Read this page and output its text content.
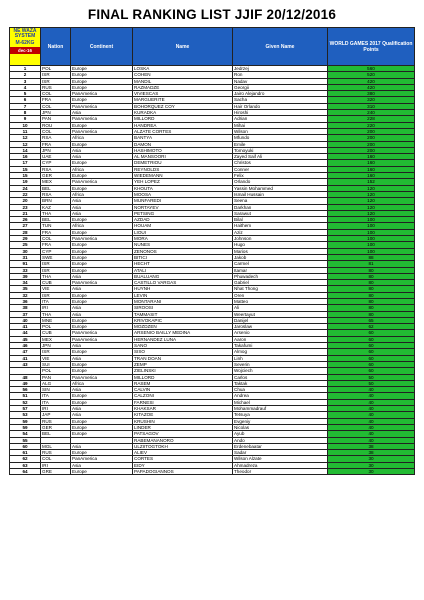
FINAL RANKING LIST JJIF 20/12/2016
NE WAZA SYSTEM
M-62KG
dec-16	Nation	Continent	Name	Given Name	WORLD GAMES 2017 Qualification Points
1	POL	Europe	LOSKA	Jedrzej	560
2	ISR	Europe	COHEN	Ron	520
3	ISR	Europe	MANDIL	Nadav	420
4	RUS	Europe	RAZMADZE	Georgii	420
5	COL	PanAmerica	VIVIESCAS	Jairo Alejandro	380
6	FRA	Europe	MARGUERITE	Sacha	320
7	COL	PanAmerica	BOHORQUEZ COY	Hair Orlando	310
8	JPN	Asia	KURADKA	Hiroshi	240
9	PAN	PanAmerica	MILLORD	Adrian	228
10	ROU	Europe	HANDREA	Mihai	220
11	COL	PanAmerica	ALZATE CORTES	Wilson	200
12	RSA	Africa	BANTYA	Mfundo	200
12	FRA	Europe	DAMON	Emile	200
14	JPN	Asia	HASHIMOTO	Tomoyuki	200
16	UAE	Asia	AL MANSOORI	Zayed Saif Ali	160
17	CYP	Europe	DEMETRIOU	Christos	160
15	RSA	Africa	REYNOLDS	Conner	160
15	GER	Europe	WIEDEMANN	Felix	160
19	MEX	PanAmerica	YEH LOPEZ	Orlando	152
24	BEL	Europe	KHOUTA	Yassin Mohammed	120
22	RSA	Africa	MOOSA	Ismail Hussain	120
20	BRN	Asia	MUNFAREDI	Seena	120
23	KAZ	Asia	NORTAYEV	Darkhan	120
21	THA	Asia	PETSING	Sarawut	120
26	BEL	Europe	AZDAD	Bilal	100
27	TUN	Africa	HOUAM	Haithem	100
28	FRA	Europe	LIOUI	Aziz	100
29	COL	PanAmerica	MORA	Johnson	100
25	FRA	Europe	NUNES	Hugo	100
30	CYP	Europe	ZENONOS	Marios	100
31	SWE	Europe	BITICI	Jakob	88
91	ISR	Europe	HECHT	Carmel	81
33	ISR	Europe	ATALI	Itamar	80
39	THA	Asia	BUALUANG	Phuwadech	80
34	CUB	PanAmerica	CASTILLO VARGAS	Gabriel	80
35	VIE	Asia	HUYNH	Nhat Thong	80
32	ISR	Europe	LEVIN	Oren	80
36	ITA	Europe	MONTARANI	Matteo	80
38	IRI	Asia	SIROOSI	Ali	80
37	THA	Asia	TAMMASIT	Weertayut	80
40	MNE	Europe	KRIVOKAPIC	Danijel	65
41	POL	Europe	MOZDZEN	Jaroslaw	62
44	CUB	PanAmerica	ARSENIO BAILLY MEDINA	Arsenio	60
45	MEX	PanAmerica	HERNANDEZ LUNA	Aaron	60
46	JPN	Asia	SANO	Takafumi	60
47	ISR	Europe	SISO	Almog	60
41	VIE	Asia	TRAN DOAN	Linh	60
43	SUI	Europe	ZEMP	Severin	60
	POL	Europe	ZIELINSKI	Wojciech	60
48	PAN	PanAmerica	MILLORD	Carlos	50
49	ALG	Africa	RASEM	Taktak	50
56	SIN	Asia	CALVIN	Chua	40
51	ITA	Europe	CALZONI	Andrea	40
52	ITA	Europe	FARNESI	Michael	40
57	IRI	Asia	KHAKSAR	Mohammadrauf	40
53	JAP	Asia	KITAZOE	Tetsuya	40
59	RUS	Europe	KRUSHIN	Evgeniy	40
59	GER	Europe	LINDER	Nicolas	40
54	BEL	Europe	PATSAGOV	Ayub	40
55			RABEMANANORO	Ando	40
60	MGL	Asia	ULZIITOGTOKH	Erdenebaatar	38
61	RUS	Europe	ALIEV	Sadar	38
62	COL	PanAmerica	CORTES	Wilson Alzate	30
63	IRI	Asia	EIDY	Ahmadreza	30
64	GRE	Europe	PAPADOGIANNOS	Theodor	30
